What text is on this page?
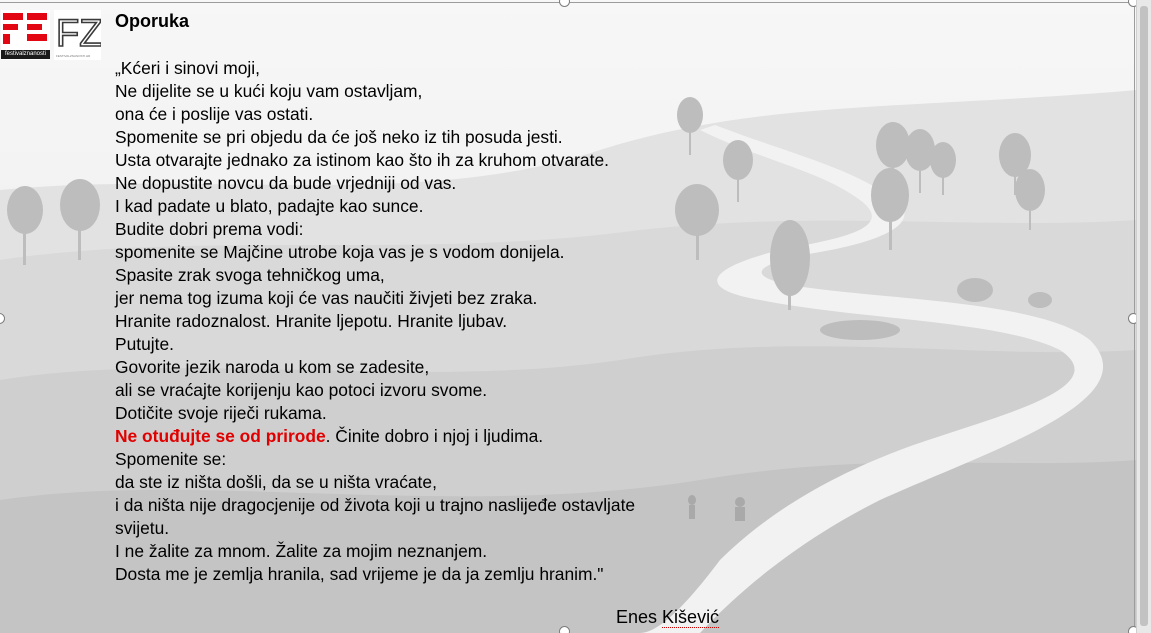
festivalznanosti FZ
FESTIVALZNANOSTI.HR
Oporuka
„Kćeri i sinovi moji,
Ne dijelite se u kući koju vam ostavljam,
ona će i poslije vas ostati.
Spomenite se pri objedu da će još neko iz tih posuda jesti.
Usta otvarajte jednako za istinom kao što ih za kruhom otvarate.
Ne dopustite novcu da bude vrjedniji od vas.
I kad padate u blato, padajte kao sunce.
Budite dobri prema vodi:
spomenite se Majčine utrobe koja vas je s vodom donijela.
Spasite zrak svoga tehničkog uma,
jer nema tog izuma koji će vas naučiti živjeti bez zraka.
Hranite radoznalost. Hranite ljepotu. Hranite ljubav.
Putujte.
Govorite jezik naroda u kom se zadesite,
ali se vraćajte korijenju kao potoci izvoru svome.
Dotičite svoje riječi rukama.
Ne otuđujte se od prirode. Činite dobro i njoj i ljudima.
Spomenite se:
da ste iz ništa došli, da se u ništa vraćate,
i da ništa nije dragocjenije od života koji u trajno naslijeđe ostavljate
svijetu.
I ne žalite za mnom. Žalite za mojim neznanjem.
Dosta me je zemlja hranila, sad vrijeme je da ja zemlju hranim."
Enes Kišević
